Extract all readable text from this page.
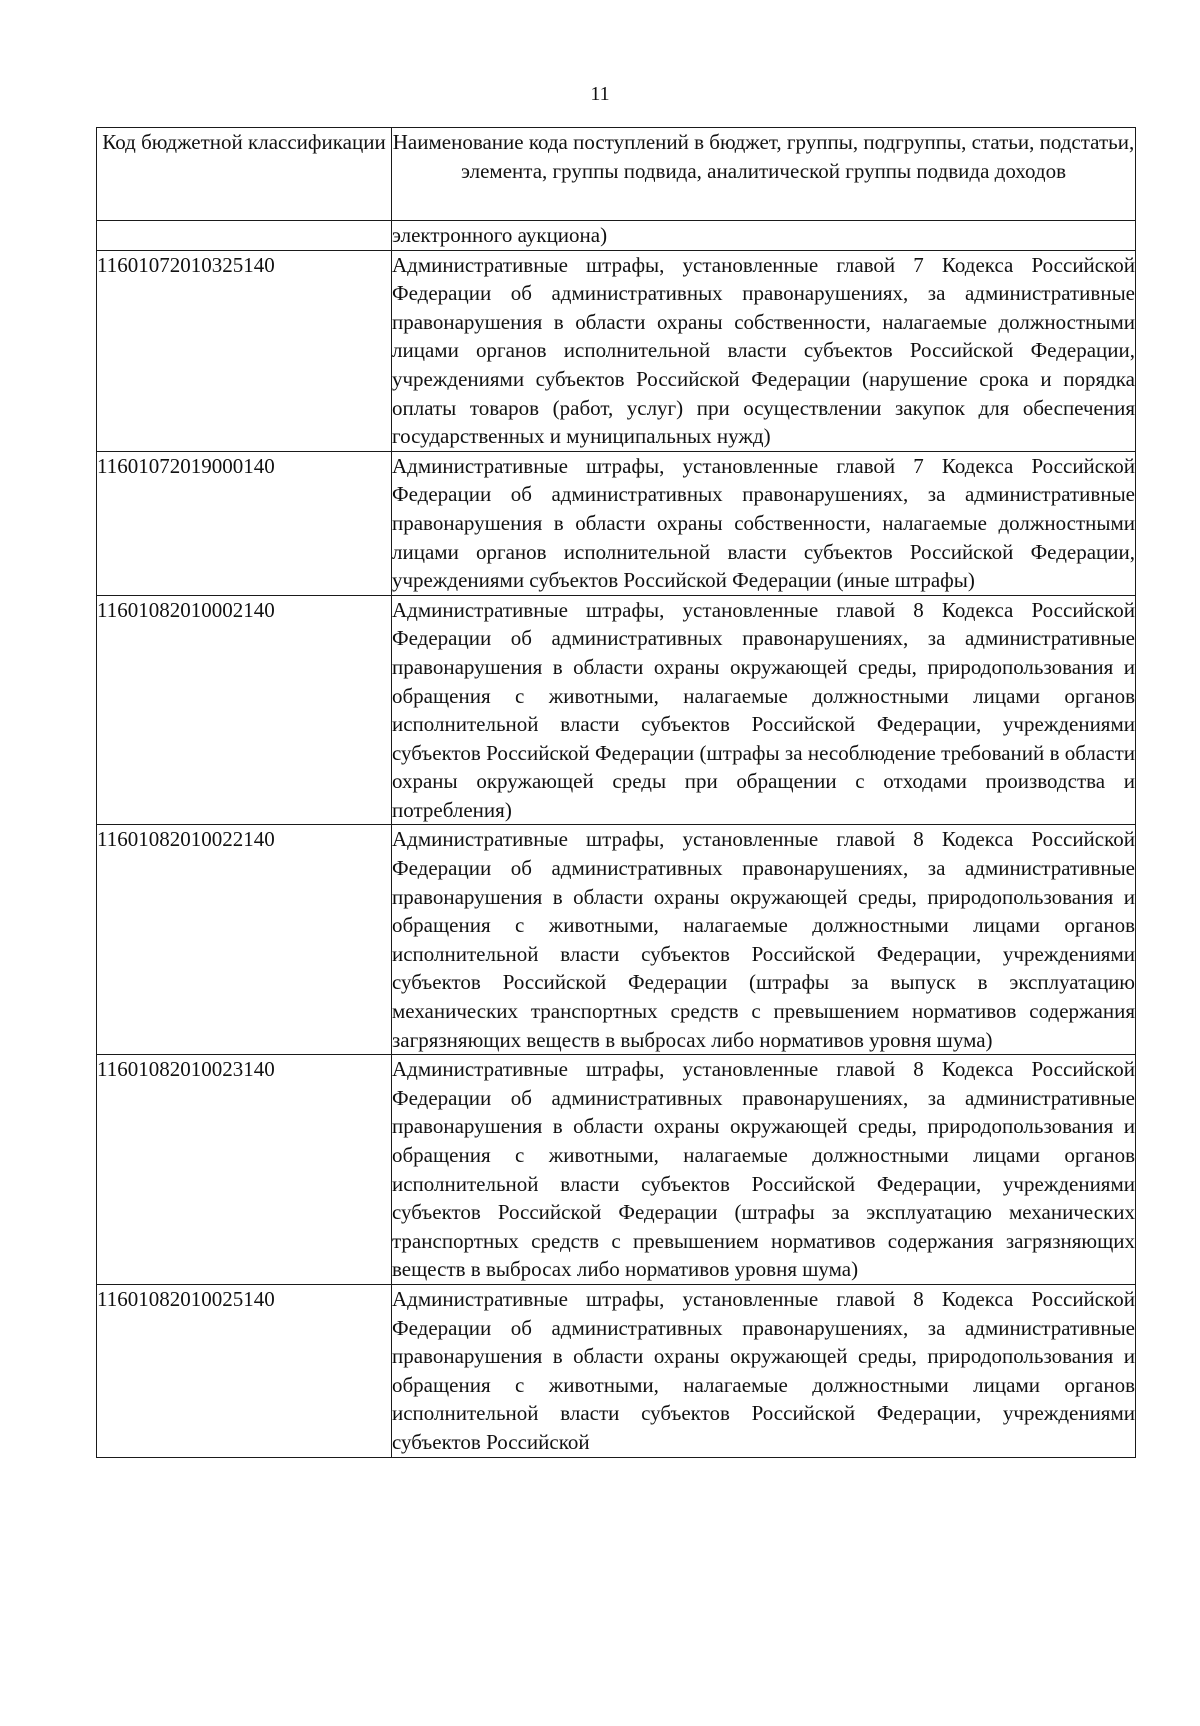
11
Код бюджетной классификации	Наименование кода поступлений в бюджет, группы, подгруппы, статьи, подстатьи, элемента, группы подвида, аналитической группы подвида доходов
	электронного аукциона)
11601072010325140	Административные штрафы, установленные главой 7 Кодекса Российской Федерации об административных правонарушениях, за административные правонарушения в области охраны собственности, налагаемые должностными лицами органов исполнительной власти субъектов Российской Федерации, учреждениями субъектов Российской Федерации (нарушение срока и порядка оплаты товаров (работ, услуг) при осуществлении закупок для обеспечения государственных и муниципальных нужд)
11601072019000140	Административные штрафы, установленные главой 7 Кодекса Российской Федерации об административных правонарушениях, за административные правонарушения в области охраны собственности, налагаемые должностными лицами органов исполнительной власти субъектов Российской Федерации, учреждениями субъектов Российской Федерации (иные штрафы)
11601082010002140	Административные штрафы, установленные главой 8 Кодекса Российской Федерации об административных правонарушениях, за административные правонарушения в области охраны окружающей среды, природопользования и обращения с животными, налагаемые должностными лицами органов исполнительной власти субъектов Российской Федерации, учреждениями субъектов Российской Федерации (штрафы за несоблюдение требований в области охраны окружающей среды при обращении с отходами производства и потребления)
11601082010022140	Административные штрафы, установленные главой 8 Кодекса Российской Федерации об административных правонарушениях, за административные правонарушения в области охраны окружающей среды, природопользования и обращения с животными, налагаемые должностными лицами органов исполнительной власти субъектов Российской Федерации, учреждениями субъектов Российской Федерации (штрафы за выпуск в эксплуатацию механических транспортных средств с превышением нормативов содержания загрязняющих веществ в выбросах либо нормативов уровня шума)
11601082010023140	Административные штрафы, установленные главой 8 Кодекса Российской Федерации об административных правонарушениях, за административные правонарушения в области охраны окружающей среды, природопользования и обращения с животными, налагаемые должностными лицами органов исполнительной власти субъектов Российской Федерации, учреждениями субъектов Российской Федерации (штрафы за эксплуатацию механических транспортных средств с превышением нормативов содержания загрязняющих веществ в выбросах либо нормативов уровня шума)
11601082010025140	Административные штрафы, установленные главой 8 Кодекса Российской Федерации об административных правонарушениях, за административные правонарушения в области охраны окружающей среды, природопользования и обращения с животными, налагаемые должностными лицами органов исполнительной власти субъектов Российской Федерации, учреждениями субъектов Российской
